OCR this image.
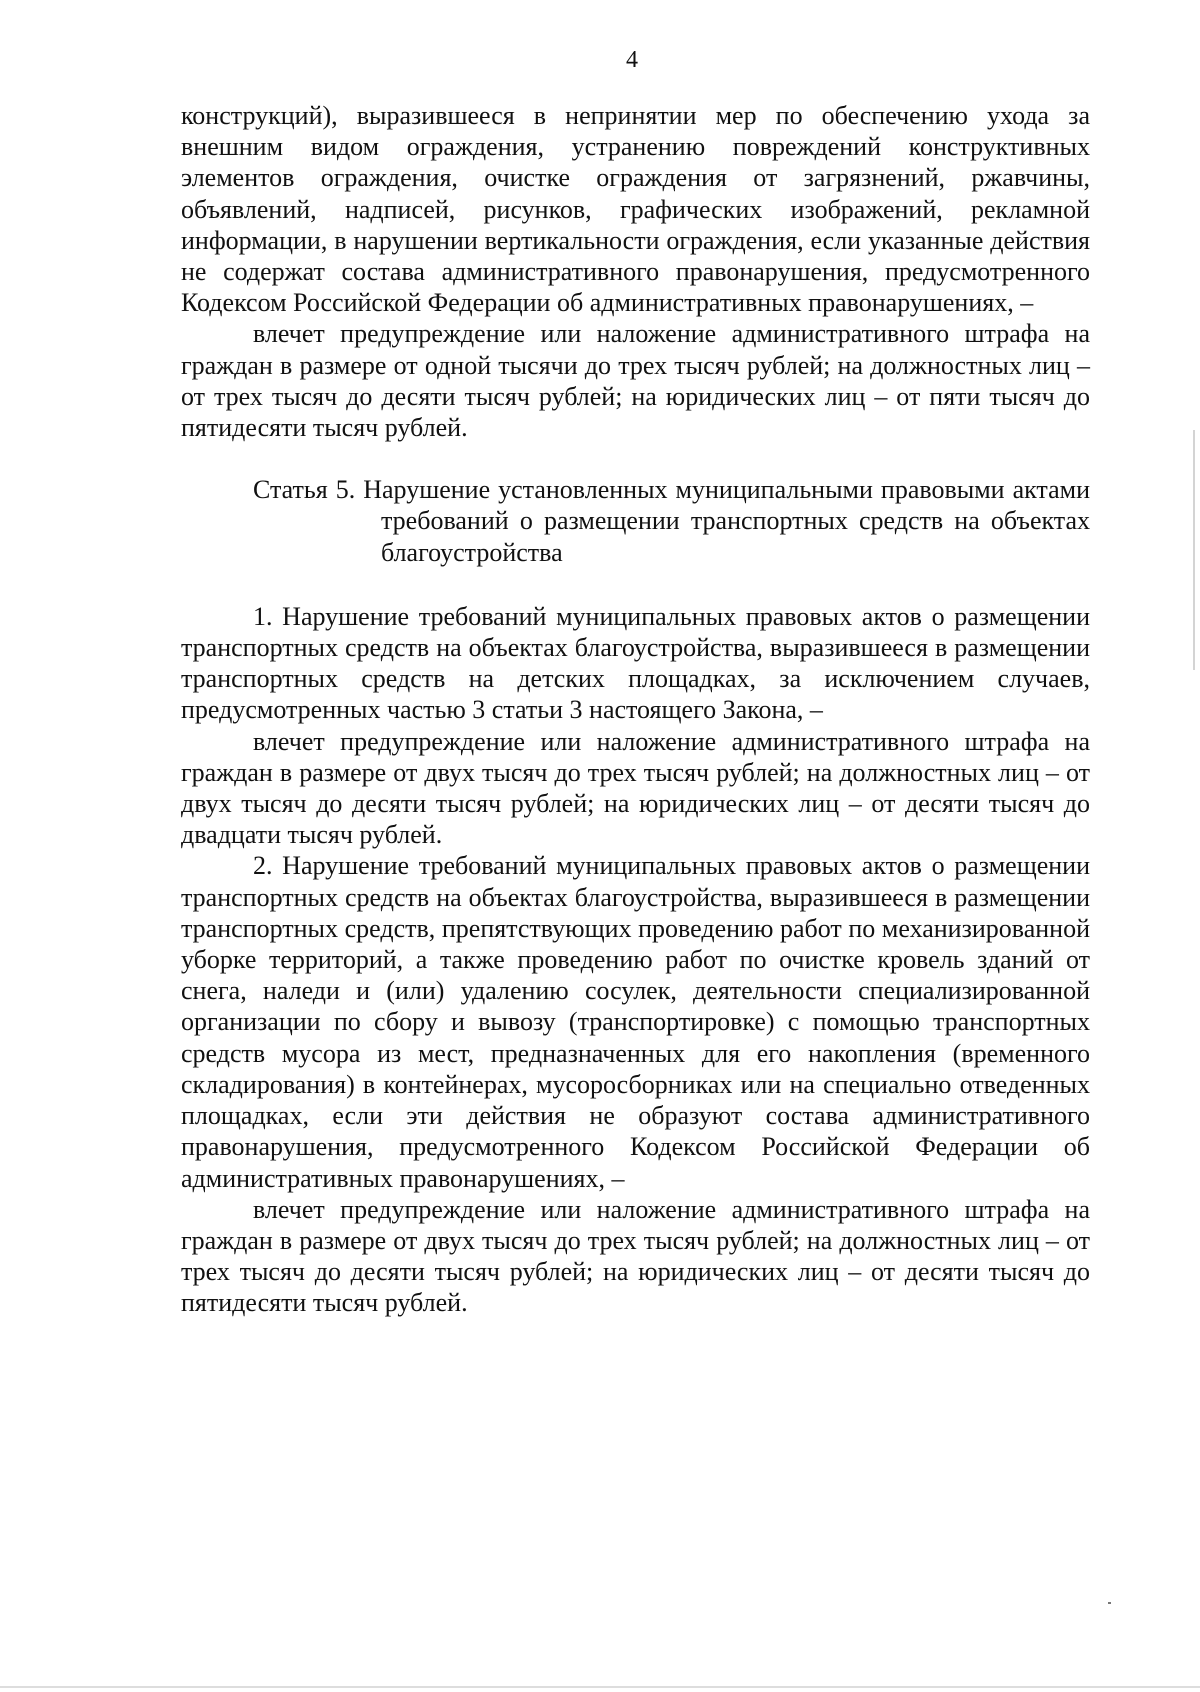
4

конструкций), выразившееся в непринятии мер по обеспечению ухода за внешним видом ограждения, устранению повреждений конструктивных элементов ограждения, очистке ограждения от загрязнений, ржавчины, объявлений, надписей, рисунков, графических изображений, рекламной информации, в нарушении вертикальности ограждения, если указанные действия не содержат состава административного правонарушения, предусмотренного Кодексом Российской Федерации об административных правонарушениях, –

влечет предупреждение или наложение административного штрафа на граждан в размере от одной тысячи до трех тысяч рублей; на должностных лиц – от трех тысяч до десяти тысяч рублей; на юридических лиц – от пяти тысяч до пятидесяти тысяч рублей.

Статья 5. Нарушение установленных муниципальными правовыми актами требований о размещении транспортных средств на объектах благоустройства

1. Нарушение требований муниципальных правовых актов о размещении транспортных средств на объектах благоустройства, выразившееся в размещении транспортных средств на детских площадках, за исключением случаев, предусмотренных частью 3 статьи 3 настоящего Закона, –

влечет предупреждение или наложение административного штрафа на граждан в размере от двух тысяч до трех тысяч рублей; на должностных лиц – от двух тысяч до десяти тысяч рублей; на юридических лиц – от десяти тысяч до двадцати тысяч рублей.

2. Нарушение требований муниципальных правовых актов о размещении транспортных средств на объектах благоустройства, выразившееся в размещении транспортных средств, препятствующих проведению работ по механизированной уборке территорий, а также проведению работ по очистке кровель зданий от снега, наледи и (или) удалению сосулек, деятельности специализированной организации по сбору и вывозу (транспортировке) с помощью транспортных средств мусора из мест, предназначенных для его накопления (временного складирования) в контейнерах, мусоросборниках или на специально отведенных площадках, если эти действия не образуют состава административного правонарушения, предусмотренного Кодексом Российской Федерации об административных правонарушениях, –

влечет предупреждение или наложение административного штрафа на граждан в размере от двух тысяч до трех тысяч рублей; на должностных лиц – от трех тысяч до десяти тысяч рублей; на юридических лиц – от десяти тысяч до пятидесяти тысяч рублей.
